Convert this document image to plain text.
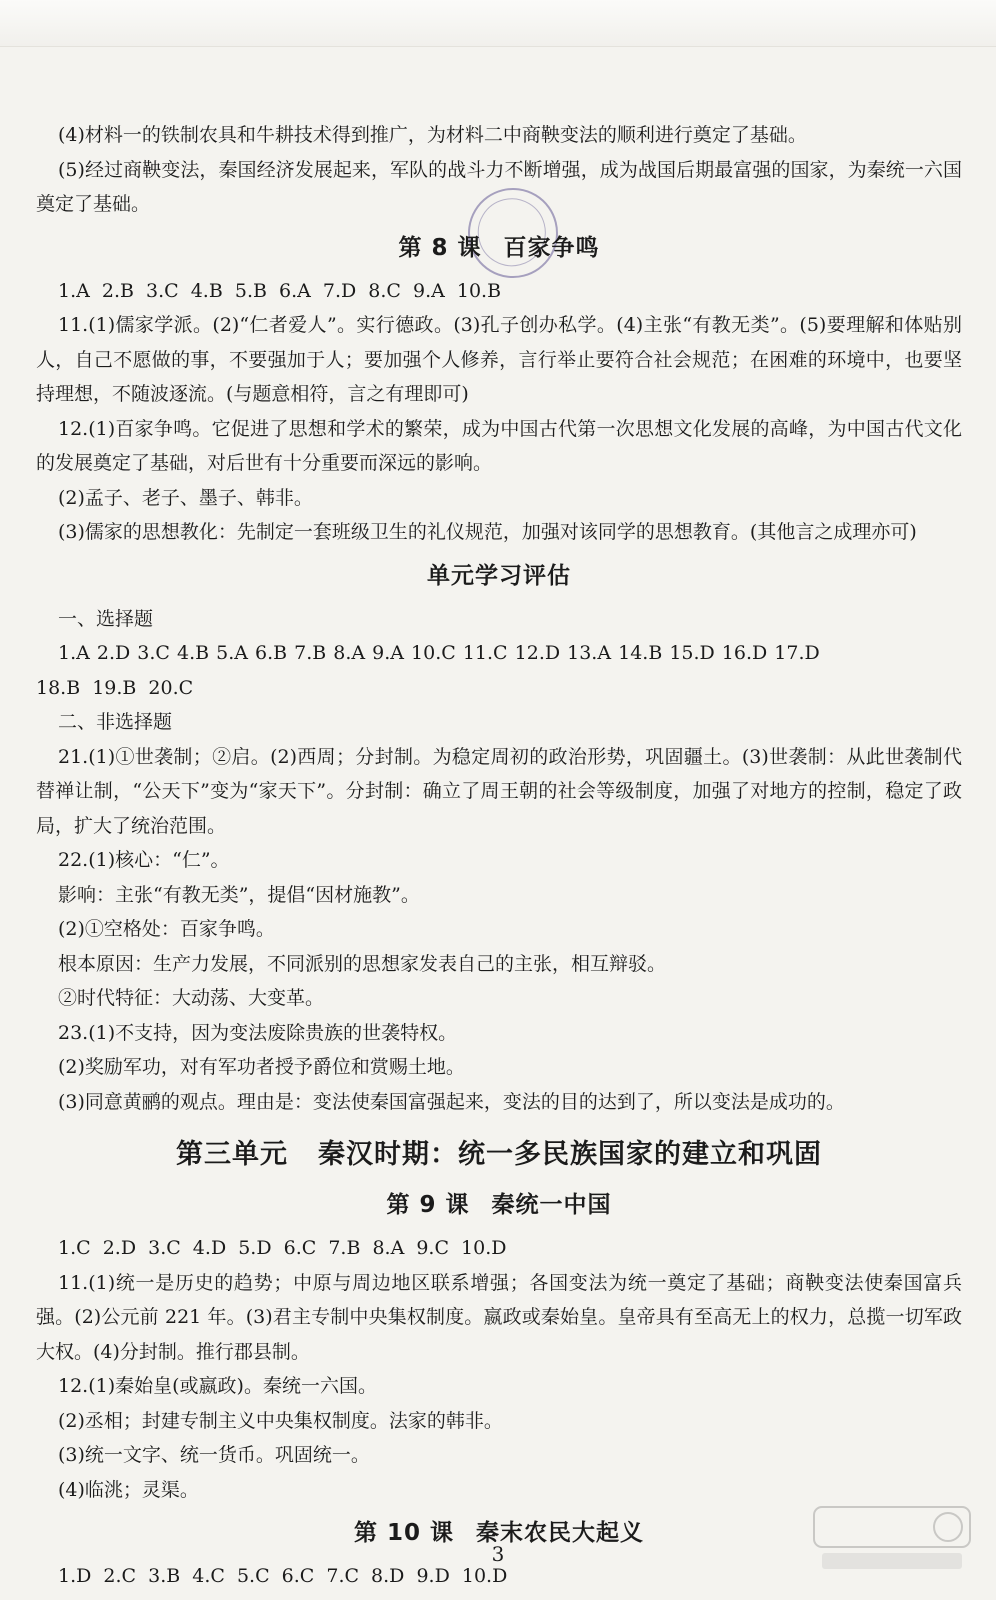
(4)材料一的铁制农具和牛耕技术得到推广，为材料二中商鞅变法的顺利进行奠定了基础。

(5)经过商鞅变法，秦国经济发展起来，军队的战斗力不断增强，成为战国后期最富强的国家，为秦统一六国奠定了基础。

第 8 课 百家争鸣

1.A 2.B 3.C 4.B 5.B 6.A 7.D 8.C 9.A 10.B

11.(1)儒家学派。(2)“仁者爱人”。实行德政。(3)孔子创办私学。(4)主张“有教无类”。(5)要理解和体贴别人，自己不愿做的事，不要强加于人；要加强个人修养，言行举止要符合社会规范；在困难的环境中，也要坚持理想，不随波逐流。(与题意相符，言之有理即可)

12.(1)百家争鸣。它促进了思想和学术的繁荣，成为中国古代第一次思想文化发展的高峰，为中国古代文化的发展奠定了基础，对后世有十分重要而深远的影响。

(2)孟子、老子、墨子、韩非。

(3)儒家的思想教化：先制定一套班级卫生的礼仪规范，加强对该同学的思想教育。(其他言之成理亦可)

单元学习评估

一、选择题

1.A 2.D 3.C 4.B 5.A 6.B 7.B 8.A 9.A 10.C 11.C 12.D 13.A 14.B 15.D 16.D 17.D

18.B 19.B 20.C

二、非选择题

21.(1)①世袭制；②启。(2)西周；分封制。为稳定周初的政治形势，巩固疆土。(3)世袭制：从此世袭制代替禅让制，“公天下”变为“家天下”。分封制：确立了周王朝的社会等级制度，加强了对地方的控制，稳定了政局，扩大了统治范围。

22.(1)核心：“仁”。

影响：主张“有教无类”，提倡“因材施教”。

(2)①空格处：百家争鸣。

根本原因：生产力发展，不同派别的思想家发表自己的主张，相互辩驳。

②时代特征：大动荡、大变革。

23.(1)不支持，因为变法废除贵族的世袭特权。

(2)奖励军功，对有军功者授予爵位和赏赐土地。

(3)同意黄鹂的观点。理由是：变法使秦国富强起来，变法的目的达到了，所以变法是成功的。

第三单元 秦汉时期：统一多民族国家的建立和巩固
第 9 课 秦统一中国

1.C 2.D 3.C 4.D 5.D 6.C 7.B 8.A 9.C 10.D

11.(1)统一是历史的趋势；中原与周边地区联系增强；各国变法为统一奠定了基础；商鞅变法使秦国富兵强。(2)公元前 221 年。(3)君主专制中央集权制度。嬴政或秦始皇。皇帝具有至高无上的权力，总揽一切军政大权。(4)分封制。推行郡县制。

12.(1)秦始皇(或嬴政)。秦统一六国。

(2)丞相；封建专制主义中央集权制度。法家的韩非。

(3)统一文字、统一货币。巩固统一。

(4)临洮；灵渠。

第 10 课 秦末农民大起义

1.D 2.C 3.B 4.C 5.C 6.C 7.C 8.D 9.D 10.D

3
